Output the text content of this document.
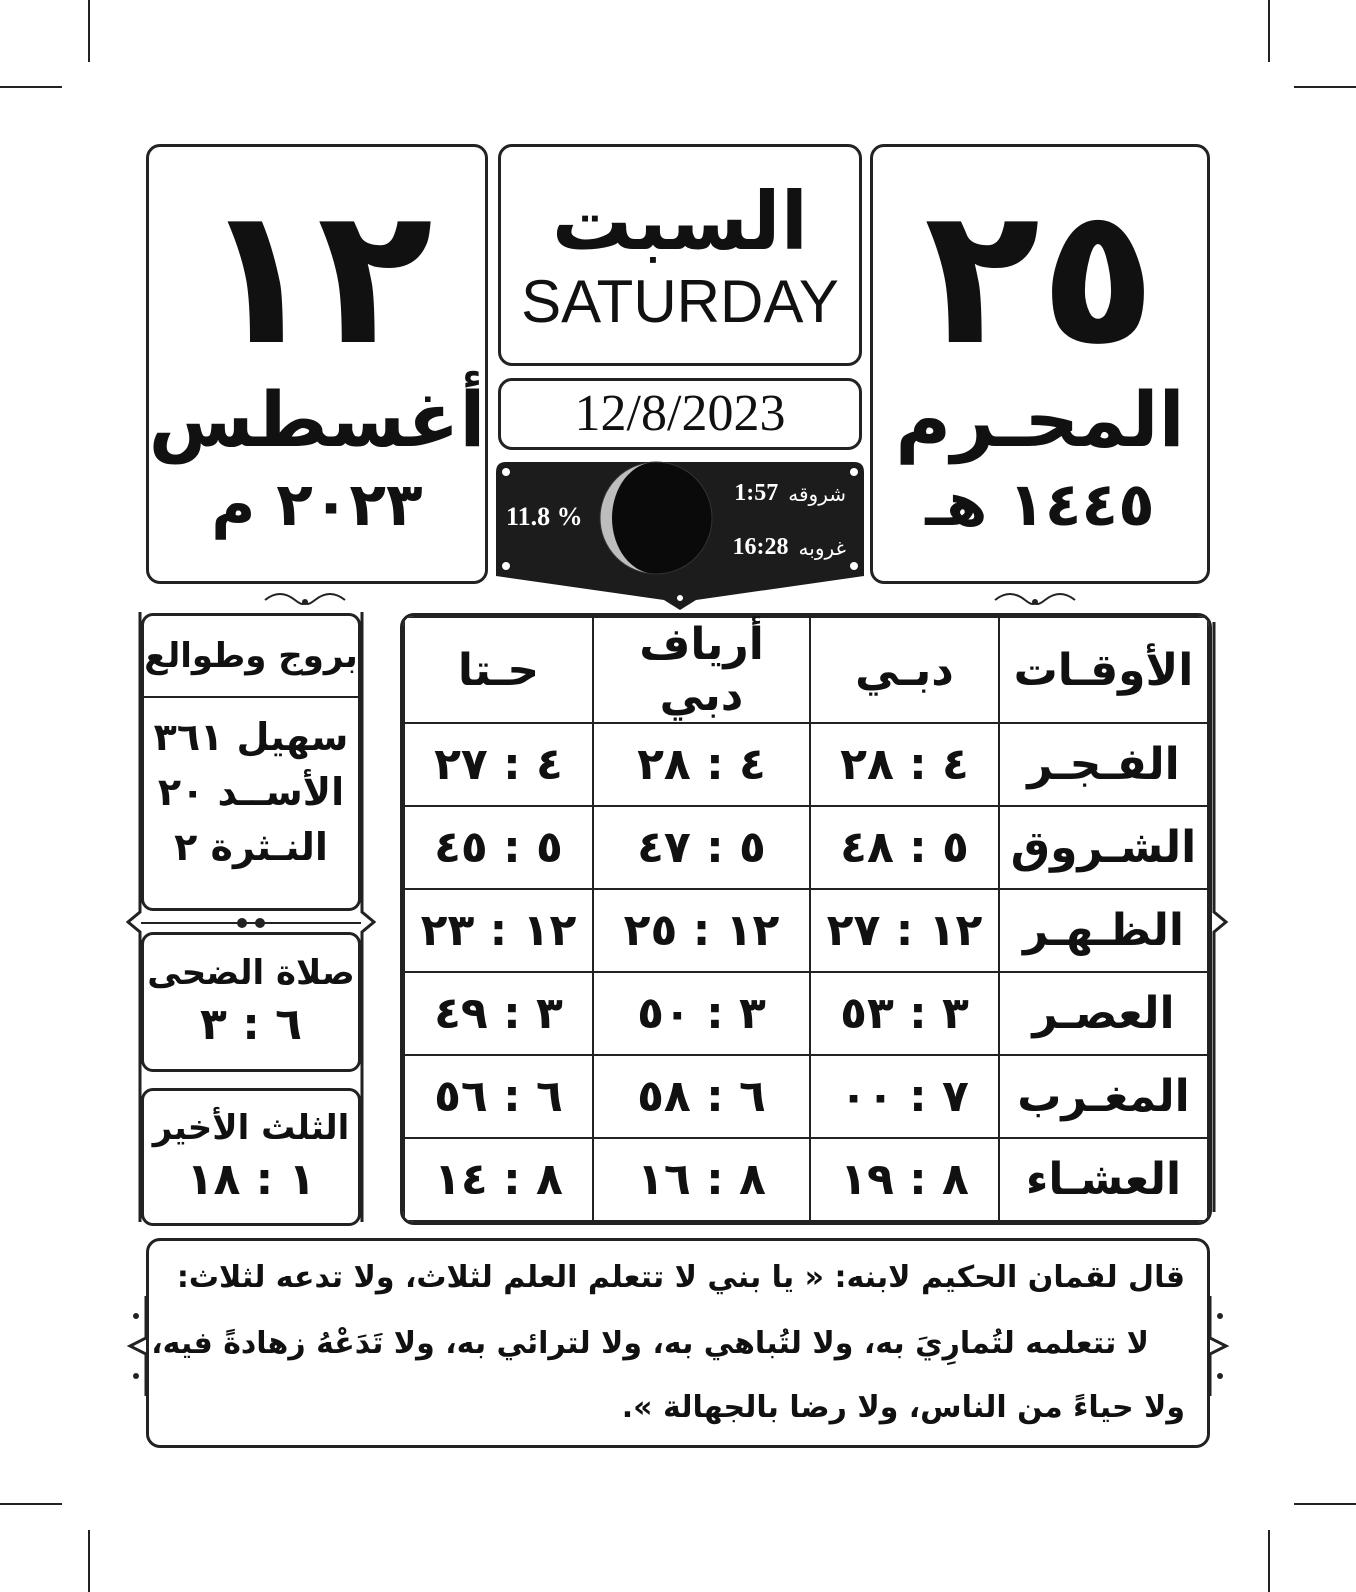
١٢
أغسطس
٢٠٢٣ م
السبت
SATURDAY
12/8/2023
11.8 %
1:57 شروقه
16:28 غروبه
٢٥
المحـرم
١٤٤٥ هـ
بروج وطوالع
سهيل ٣٦١
الأســد ٢٠
النـثرة ٢
صلاة الضحى
٦ : ٣
الثلث الأخير
١ : ١٨
الأوقـات	دبـي	أرياف دبي	حـتا
الفـجـر	٤ : ٢٨	٤ : ٢٨	٤ : ٢٧
الشـروق	٥ : ٤٨	٥ : ٤٧	٥ : ٤٥
الظـهـر	١٢ : ٢٧	١٢ : ٢٥	١٢ : ٢٣
العصـر	٣ : ٥٣	٣ : ٥٠	٣ : ٤٩
المغـرب	٧ : ٠٠	٦ : ٥٨	٦ : ٥٦
العشـاء	٨ : ١٩	٨ : ١٦	٨ : ١٤
قال لقمان الحكيم لابنه: « يا بني لا تتعلم العلم لثلاث، ولا تدعه لثلاث:
لا تتعلمه لتُمارِيَ به، ولا لتُباهي به، ولا لترائي به، ولا تَدَعْهُ زهادةً فيه،
ولا حياءً من الناس، ولا رضا بالجهالة ».
